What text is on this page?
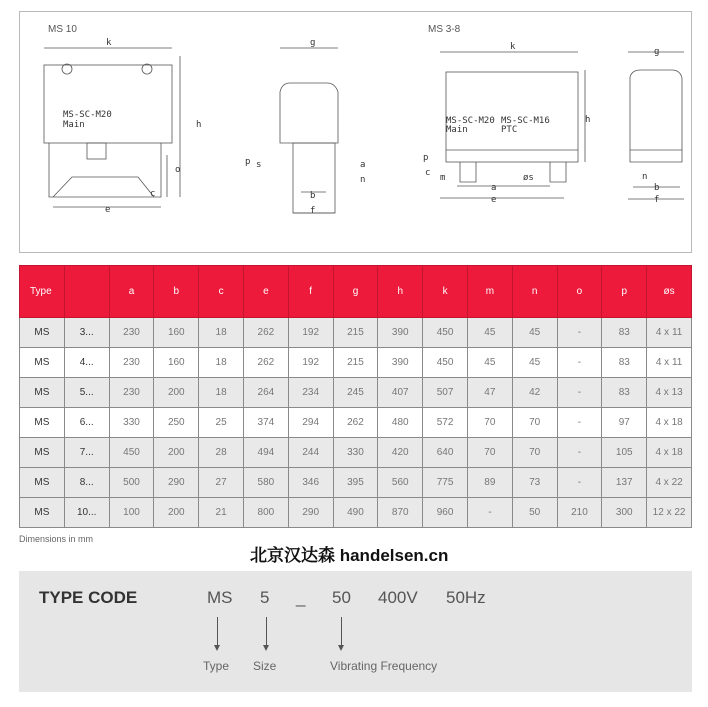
MS 10	MS 3-8
k
h
o
c
e
MS-SC-M20
Main
g
p s	a
n
b
f
k
h
p
c m
a
e
øs
MS-SC-M20
Main
MS-SC-M16
PTC
g
n
b
f
Type		a	b	c	e	f	g	h	k	m	n	o	p	øs
MS	3...	230	160	18	262	192	215	390	450	45	45	-	83	4 x 11
MS	4...	230	160	18	262	192	215	390	450	45	45	-	83	4 x 11
MS	5...	230	200	18	264	234	245	407	507	47	42	-	83	4 x 13
MS	6...	330	250	25	374	294	262	480	572	70	70	-	97	4 x 18
MS	7...	450	200	28	494	244	330	420	640	70	70	-	105	4 x 18
MS	8...	500	290	27	580	346	395	560	775	89	73	-	137	4 x 22
MS	10...	100	200	21	800	290	490	870	960	-	50	210	300	12 x 22
Dimensions in mm
北京汉达森 handelsen.cn
TYPE CODE	MS 5 _ 50 400V 50Hz
Type Size	Vibrating Frequency
